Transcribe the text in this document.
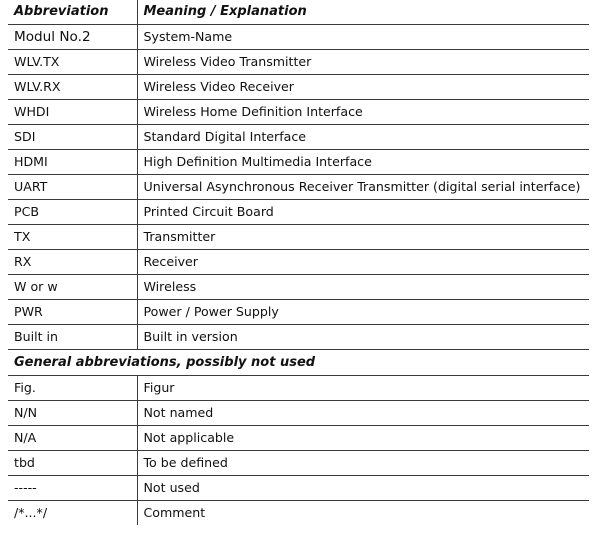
Abbreviation	Meaning / Explanation
Modul No.2	System-Name
WLV.TX	Wireless Video Transmitter
WLV.RX	Wireless Video Receiver
WHDI	Wireless Home Definition Interface
SDI	Standard Digital Interface
HDMI	High Definition Multimedia Interface
UART	Universal Asynchronous Receiver Transmitter (digital serial interface)
PCB	Printed Circuit Board
TX	Transmitter
RX	Receiver
W or w	Wireless
PWR	Power / Power Supply
Built in	Built in version
General abbreviations, possibly not used	
Fig.	Figur
N/N	Not named
N/A	Not applicable
tbd	To be defined
-----	Not used
/*...*/	Comment
